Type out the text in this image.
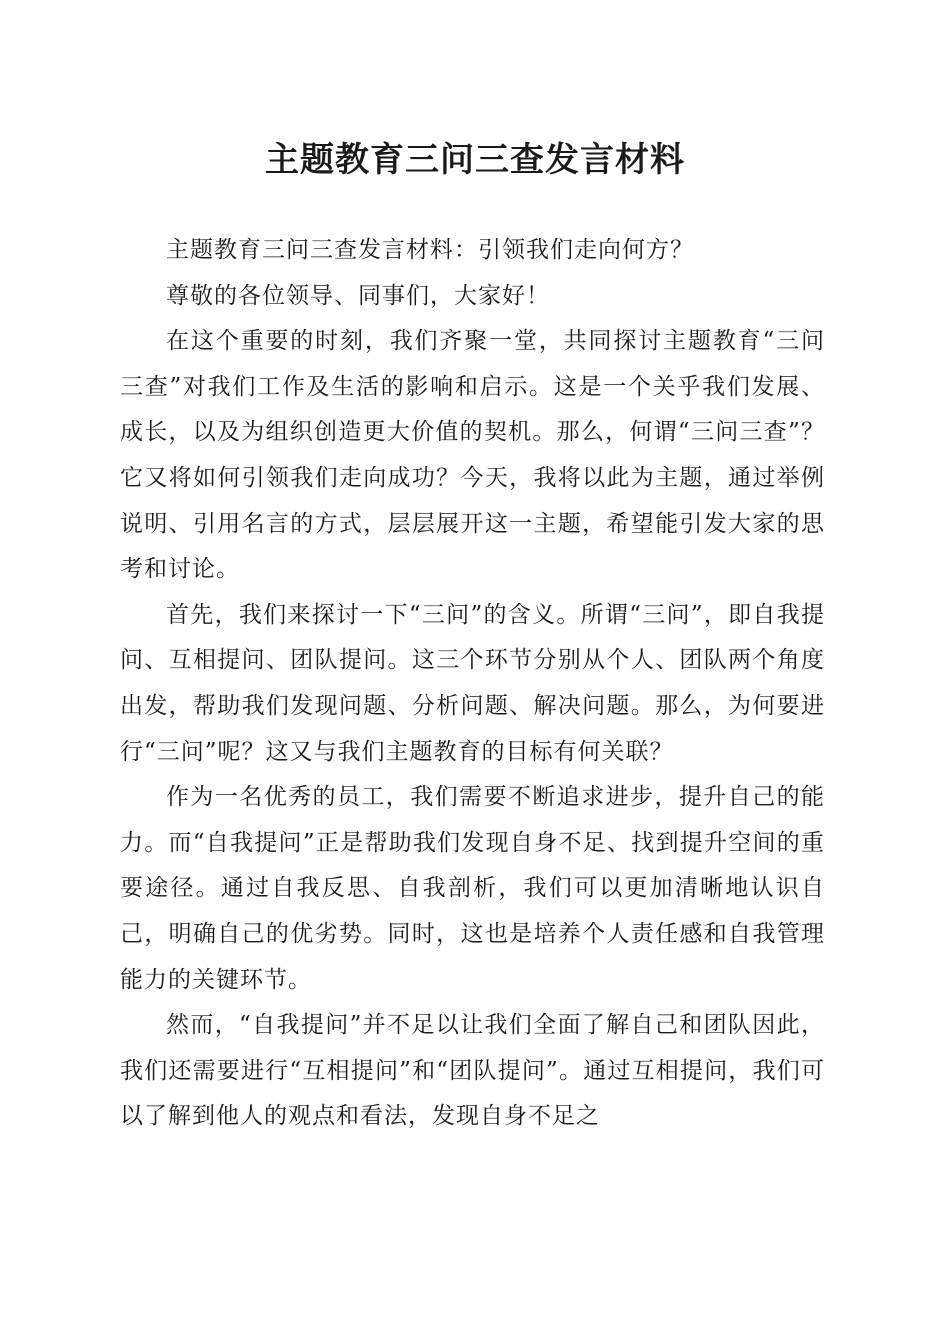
主题教育三问三查发言材料

主题教育三问三查发言材料：引领我们走向何方？

尊敬的各位领导、同事们，大家好！

在这个重要的时刻，我们齐聚一堂，共同探讨主题教育“三问三查”对我们工作及生活的影响和启示。这是一个关乎我们发展、成长，以及为组织创造更大价值的契机。那么，何谓“三问三查”？它又将如何引领我们走向成功？今天，我将以此为主题，通过举例说明、引用名言的方式，层层展开这一主题，希望能引发大家的思考和讨论。

首先，我们来探讨一下“三问”的含义。所谓“三问”，即自我提问、互相提问、团队提问。这三个环节分别从个人、团队两个角度出发，帮助我们发现问题、分析问题、解决问题。那么，为何要进行“三问”呢？这又与我们主题教育的目标有何关联？

作为一名优秀的员工，我们需要不断追求进步，提升自己的能力。而“自我提问”正是帮助我们发现自身不足、找到提升空间的重要途径。通过自我反思、自我剖析，我们可以更加清晰地认识自己，明确自己的优劣势。同时，这也是培养个人责任感和自我管理能力的关键环节。

然而，“自我提问”并不足以让我们全面了解自己和团队因此，我们还需要进行“互相提问”和“团队提问”。通过互相提问，我们可以了解到他人的观点和看法，发现自身不足之
